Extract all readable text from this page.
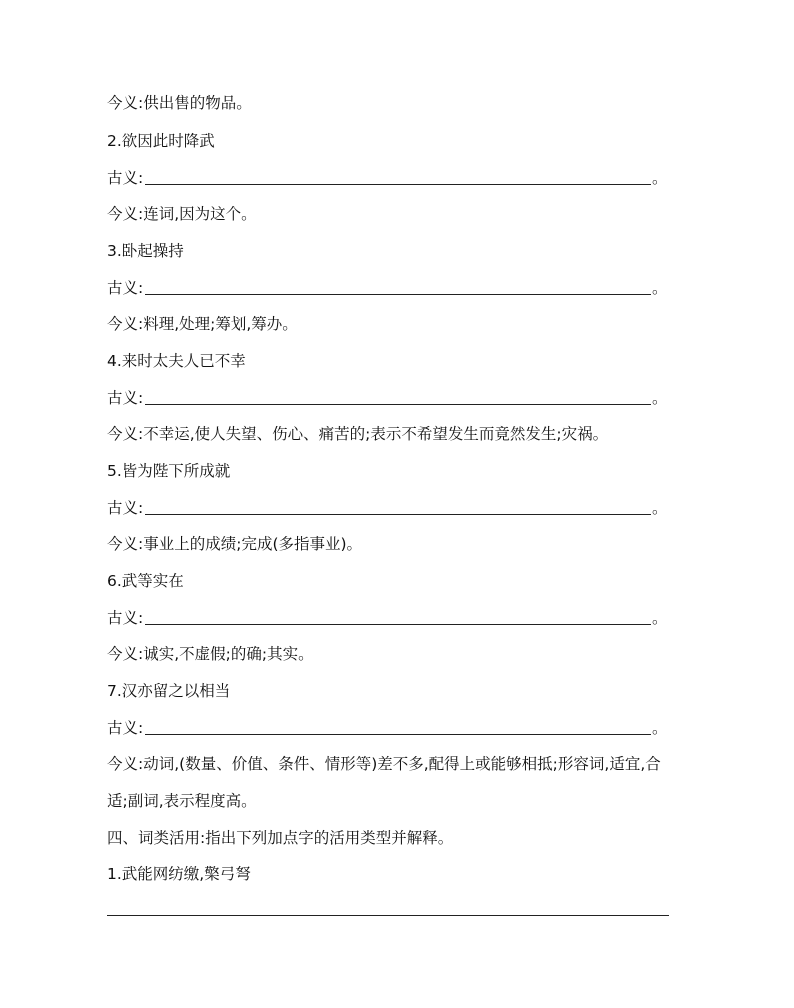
今义:供出售的物品。
2.欲因此时降武
古义:	。
今义:连词,因为这个。
3.卧起操持
古义:	。
今义:料理,处理;筹划,筹办。
4.来时太夫人已不幸
古义:	。
今义:不幸运,使人失望、伤心、痛苦的;表示不希望发生而竟然发生;灾祸。
5.皆为陛下所成就
古义:	。
今义:事业上的成绩;完成(多指事业)。
6.武等实在
古义:	。
今义:诚实,不虚假;的确;其实。
7.汉亦留之以相当
古义:	。
今义:动词,(数量、价值、条件、情形等)差不多,配得上或能够相抵;形容词,适宜,合
适;副词,表示程度高。
四、词类活用:指出下列加点字的活用类型并解释。
1.武能网纺缴,檠弓弩
